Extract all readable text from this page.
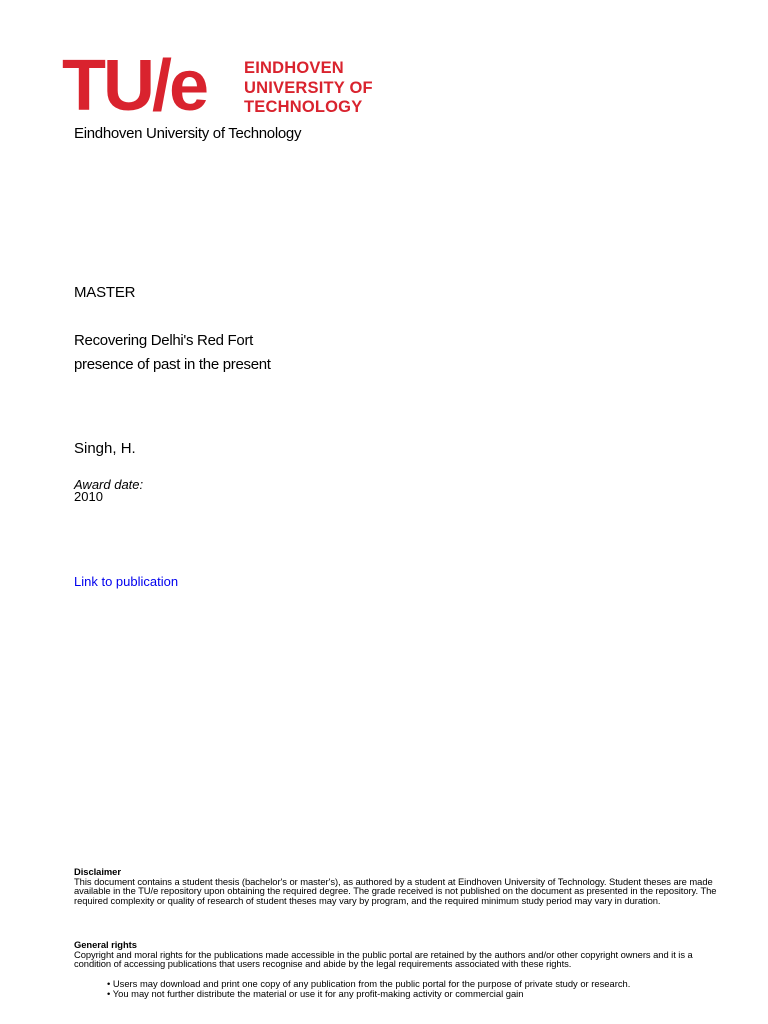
TU/e EINDHOVEN
UNIVERSITY OF
TECHNOLOGY
Eindhoven University of Technology
MASTER
Recovering Delhi's Red Fort
presence of past in the present
Singh, H.
Award date:
2010
Link to publication
Disclaimer
This document contains a student thesis (bachelor's or master's), as authored by a student at Eindhoven University of Technology. Student theses are made available in the TU/e repository upon obtaining the required degree. The grade received is not published on the document as presented in the repository. The required complexity or quality of research of student theses may vary by program, and the required minimum study period may vary in duration.
General rights
Copyright and moral rights for the publications made accessible in the public portal are retained by the authors and/or other copyright owners and it is a condition of accessing publications that users recognise and abide by the legal requirements associated with these rights.
• Users may download and print one copy of any publication from the public portal for the purpose of private study or research.
• You may not further distribute the material or use it for any profit-making activity or commercial gain
